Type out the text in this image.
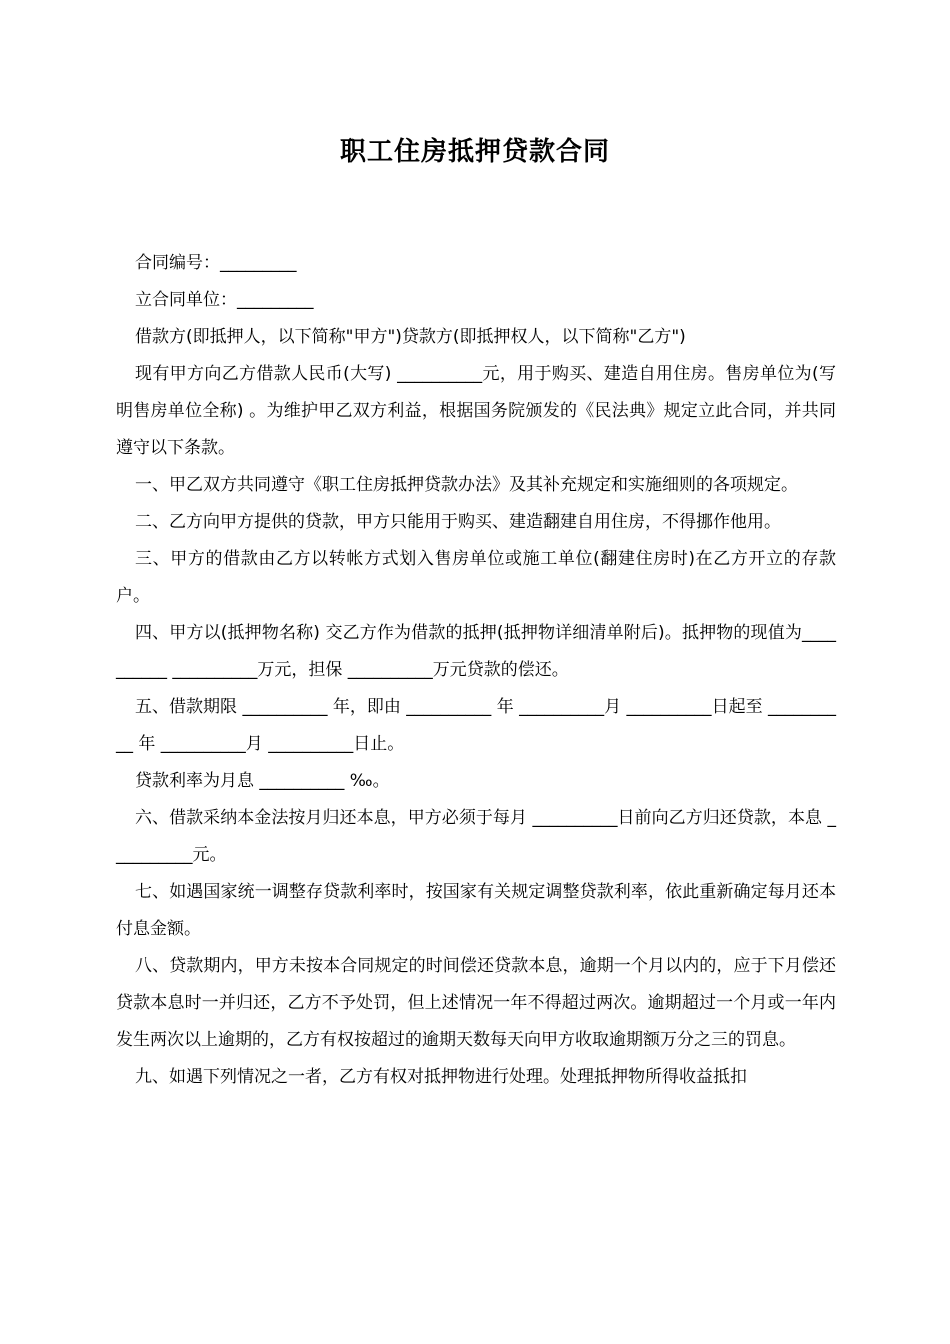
职工住房抵押贷款合同

合同编号：_________

立合同单位：_________

借款方(即抵押人，以下简称"甲方")贷款方(即抵押权人，以下简称"乙方")

现有甲方向乙方借款人民币(大写) __________元，用于购买、建造自用住房。售房单位为(写明售房单位全称) 。为维护甲乙双方利益，根据国务院颁发的《民法典》规定立此合同，并共同遵守以下条款。

一、甲乙双方共同遵守《职工住房抵押贷款办法》及其补充规定和实施细则的各项规定。

二、乙方向甲方提供的贷款，甲方只能用于购买、建造翻建自用住房，不得挪作他用。

三、甲方的借款由乙方以转帐方式划入售房单位或施工单位(翻建住房时)在乙方开立的存款户。

四、甲方以(抵押物名称) 交乙方作为借款的抵押(抵押物详细清单附后)。抵押物的现值为__________ __________万元，担保 __________万元贷款的偿还。

五、借款期限 __________ 年，即由 __________ 年 __________月 __________日起至 __________ 年 __________月 __________日止。

贷款利率为月息 __________ ‰。

六、借款采纳本金法按月归还本息，甲方必须于每月 __________日前向乙方归还贷款，本息 __________元。

七、如遇国家统一调整存贷款利率时，按国家有关规定调整贷款利率，依此重新确定每月还本付息金额。

八、贷款期内，甲方未按本合同规定的时间偿还贷款本息，逾期一个月以内的，应于下月偿还贷款本息时一并归还，乙方不予处罚，但上述情况一年不得超过两次。逾期超过一个月或一年内发生两次以上逾期的，乙方有权按超过的逾期天数每天向甲方收取逾期额万分之三的罚息。

九、如遇下列情况之一者，乙方有权对抵押物进行处理。处理抵押物所得收益抵扣
